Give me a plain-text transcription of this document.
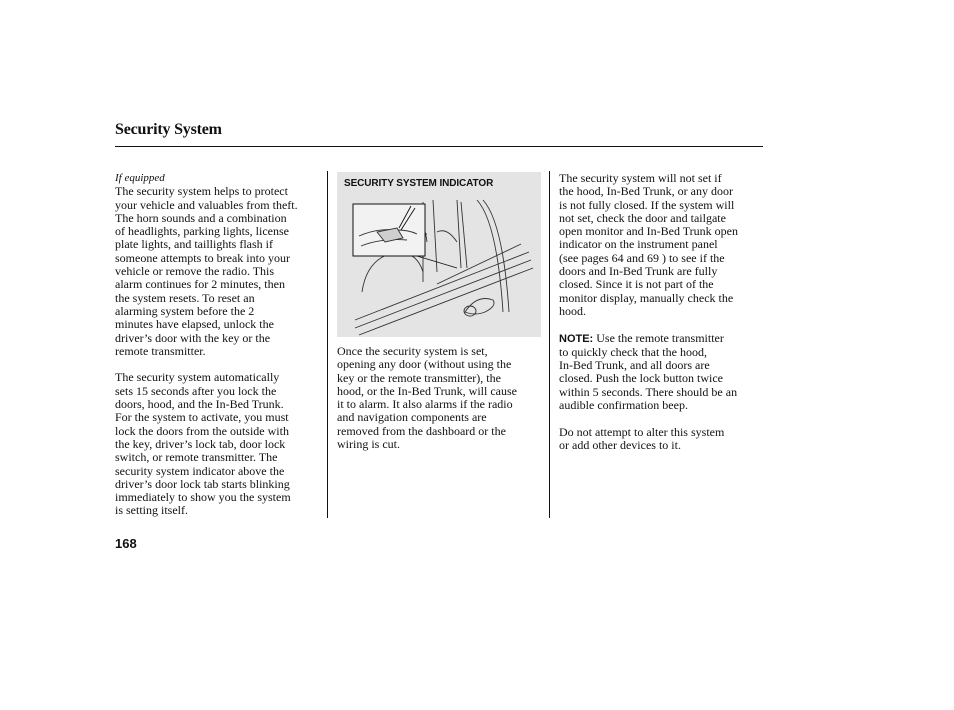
Security System

If equipped

The security system helps to protect
your vehicle and valuables from theft.
The horn sounds and a combination
of headlights, parking lights, license
plate lights, and taillights flash if
someone attempts to break into your
vehicle or remove the radio. This
alarm continues for 2 minutes, then
the system resets. To reset an
alarming system before the 2
minutes have elapsed, unlock the
driver’s door with the key or the
remote transmitter.

The security system automatically
sets 15 seconds after you lock the
doors, hood, and the In-Bed Trunk.
For the system to activate, you must
lock the doors from the outside with
the key, driver’s lock tab, door lock
switch, or remote transmitter. The
security system indicator above the
driver’s door lock tab starts blinking
immediately to show you the system
is setting itself.

SECURITY SYSTEM INDICATOR

Once the security system is set,
opening any door (without using the
key or the remote transmitter), the
hood, or the In-Bed Trunk, will cause
it to alarm. It also alarms if the radio
and navigation components are
removed from the dashboard or the
wiring is cut.

The security system will not set if
the hood, In-Bed Trunk, or any door
is not fully closed. If the system will
not set, check the door and tailgate
open monitor and In-Bed Trunk open
indicator on the instrument panel
(see pages 64 and 69 ) to see if the
doors and In-Bed Trunk are fully
closed. Since it is not part of the
monitor display, manually check the
hood.

NOTE: Use the remote transmitter
to quickly check that the hood,
In-Bed Trunk, and all doors are
closed. Push the lock button twice
within 5 seconds. There should be an
audible confirmation beep.

Do not attempt to alter this system
or add other devices to it.

168
